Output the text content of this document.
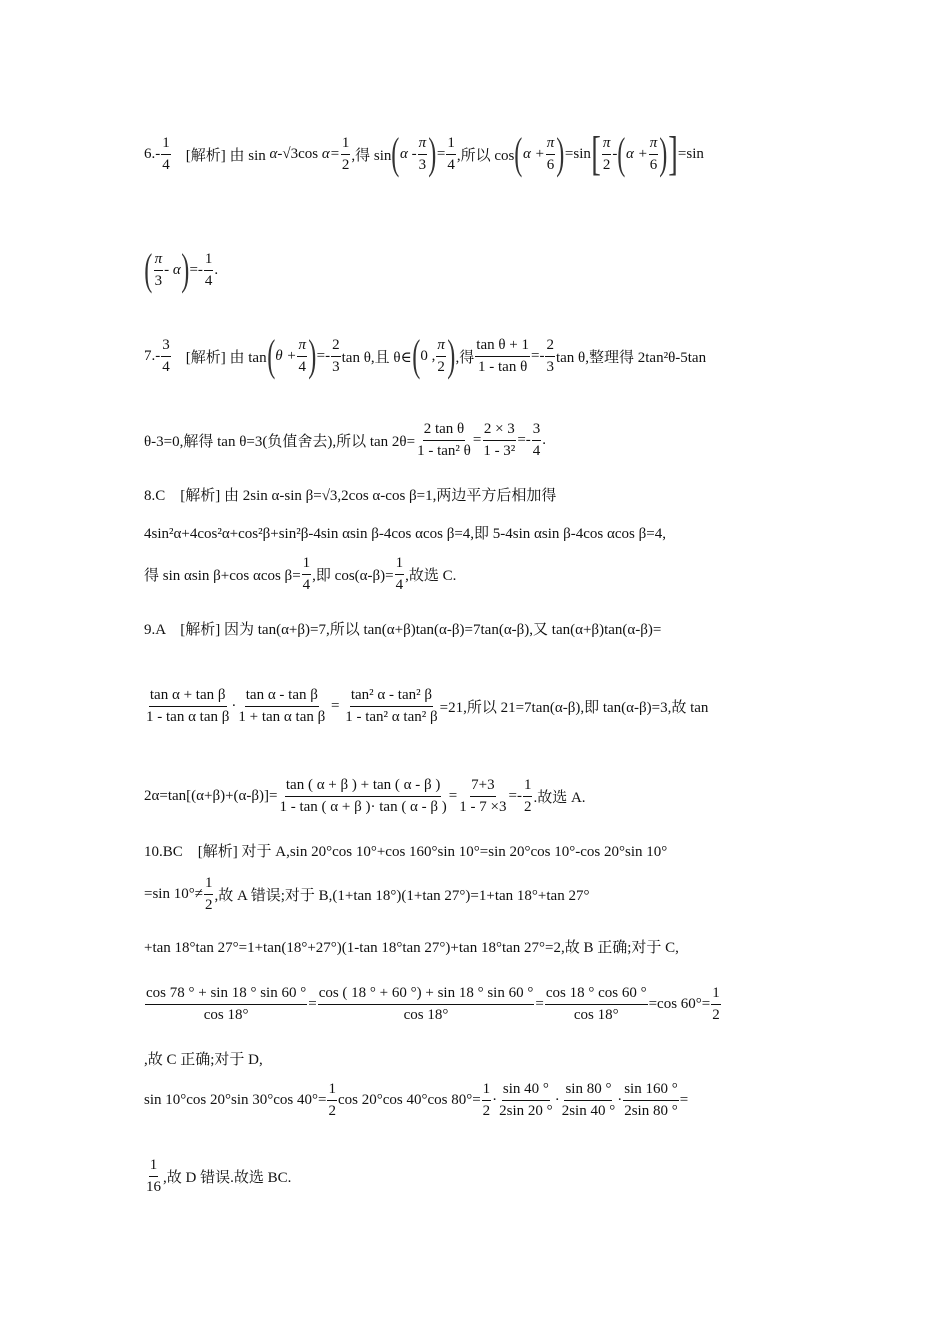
6. - $\frac{1}{4}$ [解析]
由 sin
α - √3 cos
$\alpha= \frac{1}{2}$ ,得 sin ( α - $\frac{\pi}{3}$ ) = $\frac{1}{4}$ ,所以 cos ( $\alpha + \frac{\pi}{6}$ ) =sin [ $\frac{\pi}{2}$ - ( $\alpha + \frac{\pi}{6}$ ) ] =sin
( $\frac{\pi}{3}$ - α ) =- $\frac{1}{4}$ .
7. - $\frac{3}{4}$ [解析]
由 tan ( $\theta + \frac{\pi}{4}$ ) =- $\frac{2}{3}$ tan θ,且 θ∈ ( 0 , $\frac{\pi}{2}$ ) ,得 $\frac{\text{tan θ + 1}}{\text{1 - tan θ}} =- \frac{2}{3}$ tan θ,整理得 2tan²θ-5tan
θ-3=0,解得 tan θ=3(负值舍去),所以 $\tan 2\theta= \frac{\text{2 tan θ}}{\text{1 - tan² θ}} = \frac{2 \times 3}{\text{1 - 3²}} =- \frac{3}{4}$ .
8.C　[解析] 由 2sin α-sin β=√3,2cos α-cos β=1,两边平方后相加得
4sin²α+4cos²α+cos²β+sin²β-4sin αsin β-4cos αcos β=4,即 5-4sin αsin β-4cos αcos β=4,
得 sin αsin β+cos αcos $\beta= \frac{1}{4}$ ,即 $\cos(\alpha-\beta)= \frac{1}{4}$ ,故选 C.
9.A　[解析] 因为 tan(α+β)=7,所以 tan(α+β)tan(α-β)=7tan(α-β),又 tan(α+β)tan(α-β)=
$\frac{\text{tan α + tan β}}{\text{1 - tan α tan β}} \cdot \frac{\text{tan α - tan β}}{\text{1 + tan α tan β}}$
=
$\frac{\text{tan² α - tan² β}}{\text{1 - tan² α tan² β}} =21$,所以 21=7tan(α-β),即 tan(α-β)=3,故 tan
$2\alpha=\tan[(\alpha+\beta)+(\alpha-\beta)]= \frac{\tan ( \alpha + \beta ) + \tan ( \alpha - \beta )}{1 - \tan ( \alpha + \beta )\cdot \tan ( \alpha - \beta )} = \frac{7+3}{1 - 7 \times 3} =- \frac{1}{2}$ .故选 A.
10.BC　[解析] 对于 A,sin 20°cos 10°+cos 160°sin 10°=sin 20°cos 10°-cos 20°sin 10°
=sin $10^\circ\ne \frac{1}{2}$ ,故 A 错误;对于 B,(1+tan 18°)(1+tan 27°)=1+tan 18°+tan 27°
+tan 18°tan 27°=1+tan(18°+27°)(1-tan 18°tan 27°)+tan 18°tan 27°=2,故 B 正确;对于 C,
$\frac{\cos 78 ^\circ + \sin 18 ^\circ \sin 60 ^\circ}{\cos 18^\circ} = \frac{\cos ( 18 ^\circ + 60 ^\circ) + \sin 18 ^\circ \sin 60 ^\circ}{\cos 18^\circ} = \frac{\cos 18 ^\circ \cos 60 ^\circ}{\cos 18^\circ} =\cos$ $60^\circ= \frac{1}{2}$
,故 C 正确;对于 D,
sin 10°cos 20°sin 30°cos $40^\circ= \frac{1}{2}$ cos 20°cos 40°cos $80^\circ= \frac{1}{2} \cdot \frac{\sin 40 ^\circ}{2\sin 20 ^\circ} \cdot \frac{\sin 80 ^\circ}{2\sin 40 ^\circ} \cdot \frac{\sin 160 ^\circ}{2\sin 80 ^\circ}$ =
$\frac{1}{16}$ ,故 D 错误.故选 BC.
